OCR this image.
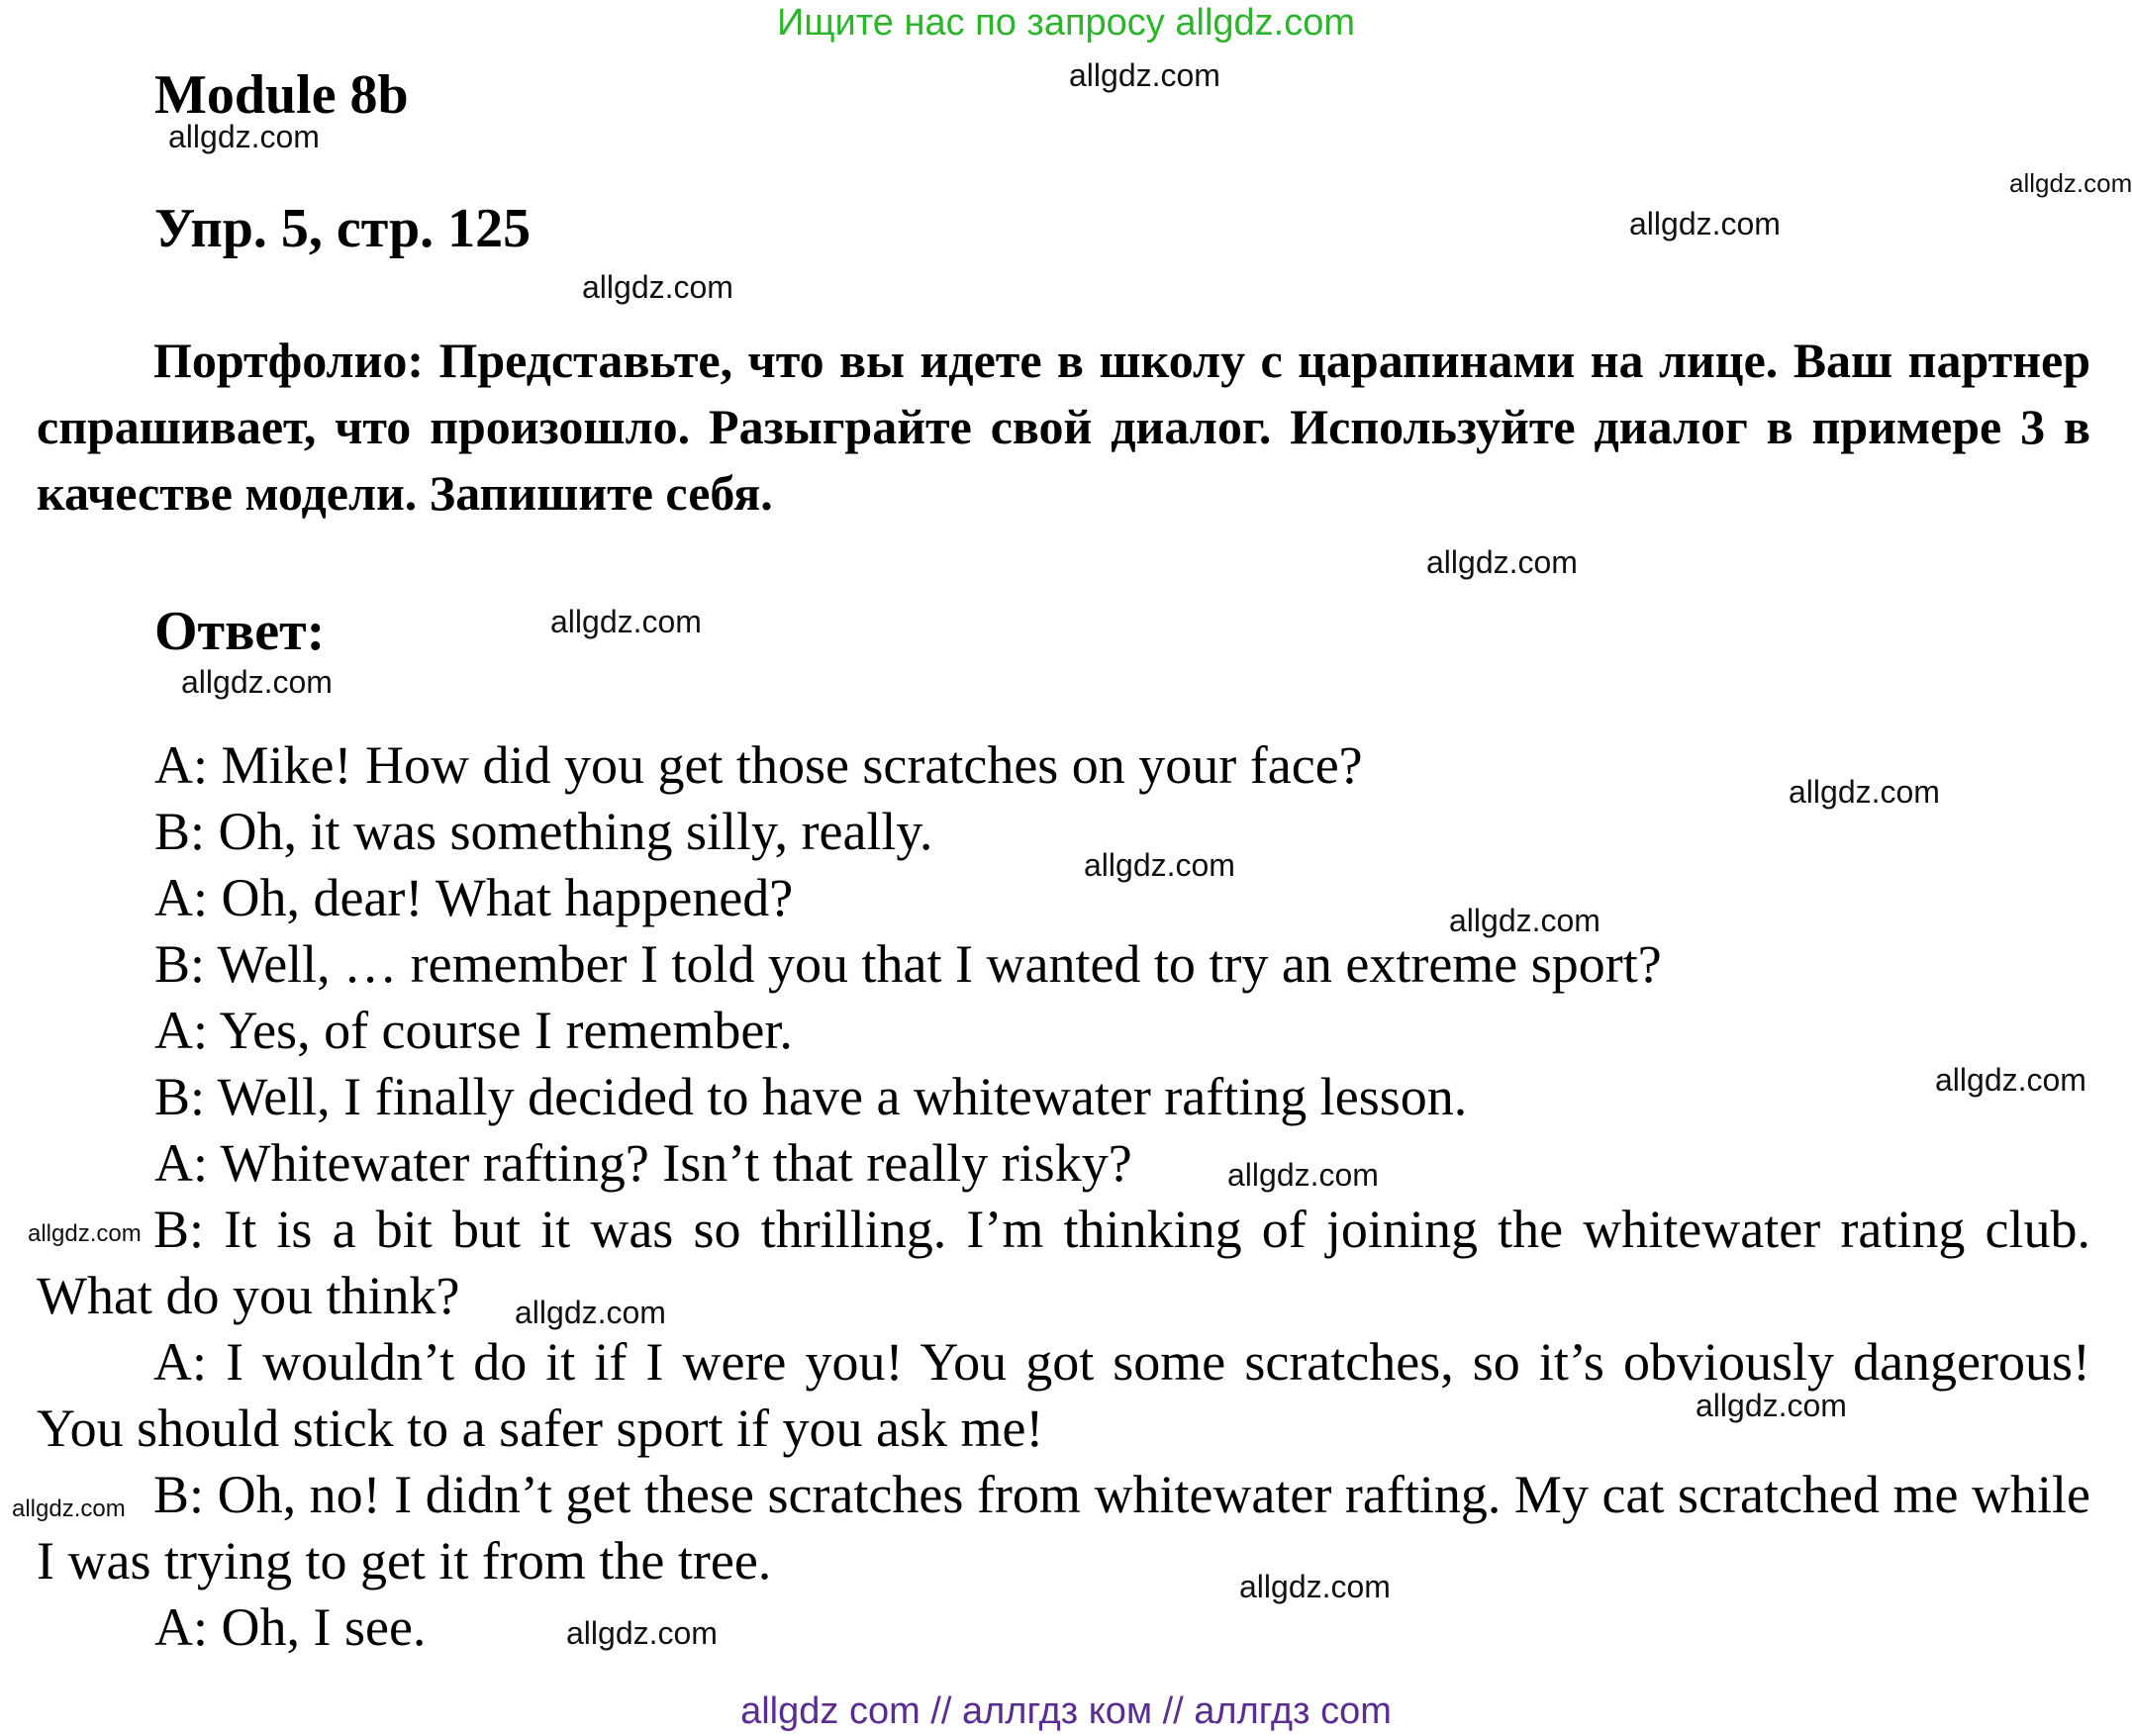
Ищите нас по запросу allgdz.com
Module 8b
Упр. 5, стр. 125
Портфолио: Представьте, что вы идете в школу с царапинами на лице. Ваш партнер спрашивает, что произошло. Разыграйте свой диалог. Используйте диалог в примере 3 в качестве модели. Запишите себя.
Ответ:
A: Mike! How did you get those scratches on your face?
B: Oh, it was something silly, really.
A: Oh, dear! What happened?
B: Well, … remember I told you that I wanted to try an extreme sport?
A: Yes, of course I remember.
B: Well, I finally decided to have a whitewater rafting lesson.
A: Whitewater rafting? Isn’t that really risky?
B: It is a bit but it was so thrilling. I’m thinking of joining the whitewater rating club. What do you think?
A: I wouldn’t do it if I were you! You got some scratches, so it’s obviously dangerous! You should stick to a safer sport if you ask me!
B: Oh, no! I didn’t get these scratches from whitewater rafting. My cat scratched me while I was trying to get it from the tree.
A: Oh, I see.
allgdz.com
allgdz.com
allgdz.com
allgdz.com
allgdz.com
allgdz.com
allgdz.com
allgdz.com
allgdz.com
allgdz.com
allgdz.com
allgdz.com
allgdz.com
allgdz.com
allgdz.com
allgdz.com
allgdz.com
allgdz.com
allgdz.com
allgdz com // аллгдз ком // аллгдз com
